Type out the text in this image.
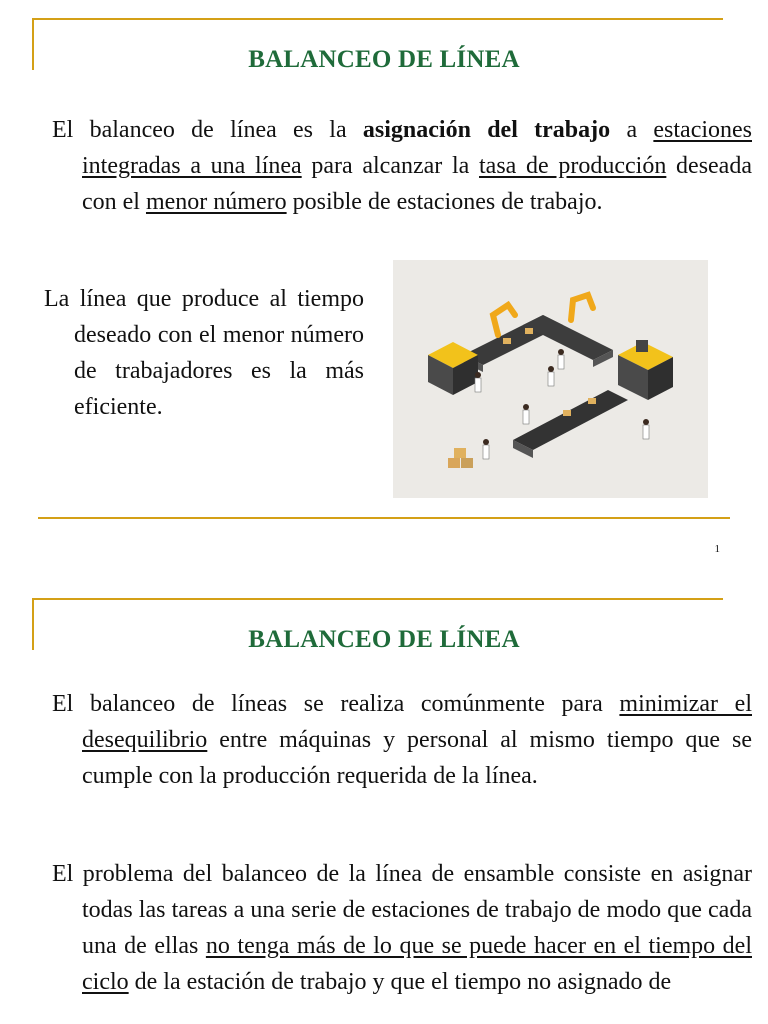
BALANCEO DE LÍNEA
El balanceo de línea es la asignación del trabajo a estaciones integradas a una línea para alcanzar la tasa de producción deseada con el menor número posible de estaciones de trabajo.
La línea que produce al tiempo deseado con el menor número de trabajadores es la más eficiente.
1
BALANCEO DE LÍNEA
El balanceo de líneas se realiza comúnmente para minimizar el desequilibrio entre máquinas y personal al mismo tiempo que se cumple con la producción requerida de la línea.
El problema del balanceo de la línea de ensamble consiste en asignar todas las tareas a una serie de estaciones de trabajo de modo que cada una de ellas no tenga más de lo que se puede hacer en el tiempo del ciclo de la estación de trabajo y que el tiempo no asignado de
